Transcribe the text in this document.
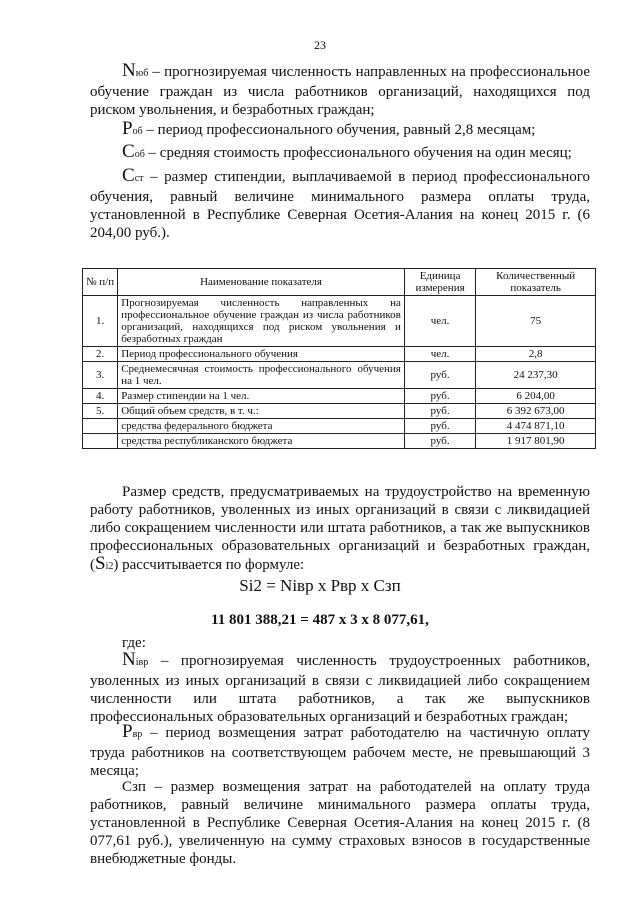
23
Nюб – прогнозируемая численность направленных на профессиональное обучение граждан из числа работников организаций, находящихся под риском увольнения, и безработных граждан;
Pоб – период профессионального обучения, равный 2,8 месяцам;
Cоб – средняя стоимость профессионального обучения на один месяц;
Cст – размер стипендии, выплачиваемой в период профессионального обучения, равный величине минимального размера оплаты труда, установленной в Республике Северная Осетия-Алания на конец 2015 г. (6 204,00 руб.).
№ п/п	Наименование показателя	Единица измерения	Количественный показатель
1.	Прогнозируемая численность направленных на профессиональное обучение граждан из числа работников организаций, находящихся под риском увольнения и безработных граждан	чел.	75
2.	Период профессионального обучения	чел.	2,8
3.	Среднемесячная стоимость профессионального обучения на 1 чел.	руб.	24 237,30
4.	Размер стипендии на 1 чел.	руб.	6 204,00
5.	Общий объем средств, в т. ч.:	руб.	6 392 673,00
	средства федерального бюджета	руб.	4 474 871,10
	средства республиканского бюджета	руб.	1 917 801,90
Размер средств, предусматриваемых на трудоустройство на временную работу работников, уволенных из иных организаций в связи с ликвидацией либо сокращением численности или штата работников, а так же выпускников профессиональных образовательных организаций и безработных граждан, (Si2) рассчитывается по формуле:
Si2 = Niвр x Pвр x Cзп
11 801 388,21 = 487 x 3 x 8 077,61,
где:
Niвр – прогнозируемая численность трудоустроенных работников, уволенных из иных организаций в связи с ликвидацией либо сокращением численности или штата работников, а так же выпускников профессиональных образовательных организаций и безработных граждан;
Pвр – период возмещения затрат работодателю на частичную оплату труда работников на соответствующем рабочем месте, не превышающий 3 месяца;
Cзп – размер возмещения затрат на работодателей на оплату труда работников, равный величине минимального размера оплаты труда, установленной в Республике Северная Осетия-Алания на конец 2015 г. (8 077,61 руб.), увеличенную на сумму страховых взносов в государственные внебюджетные фонды.
